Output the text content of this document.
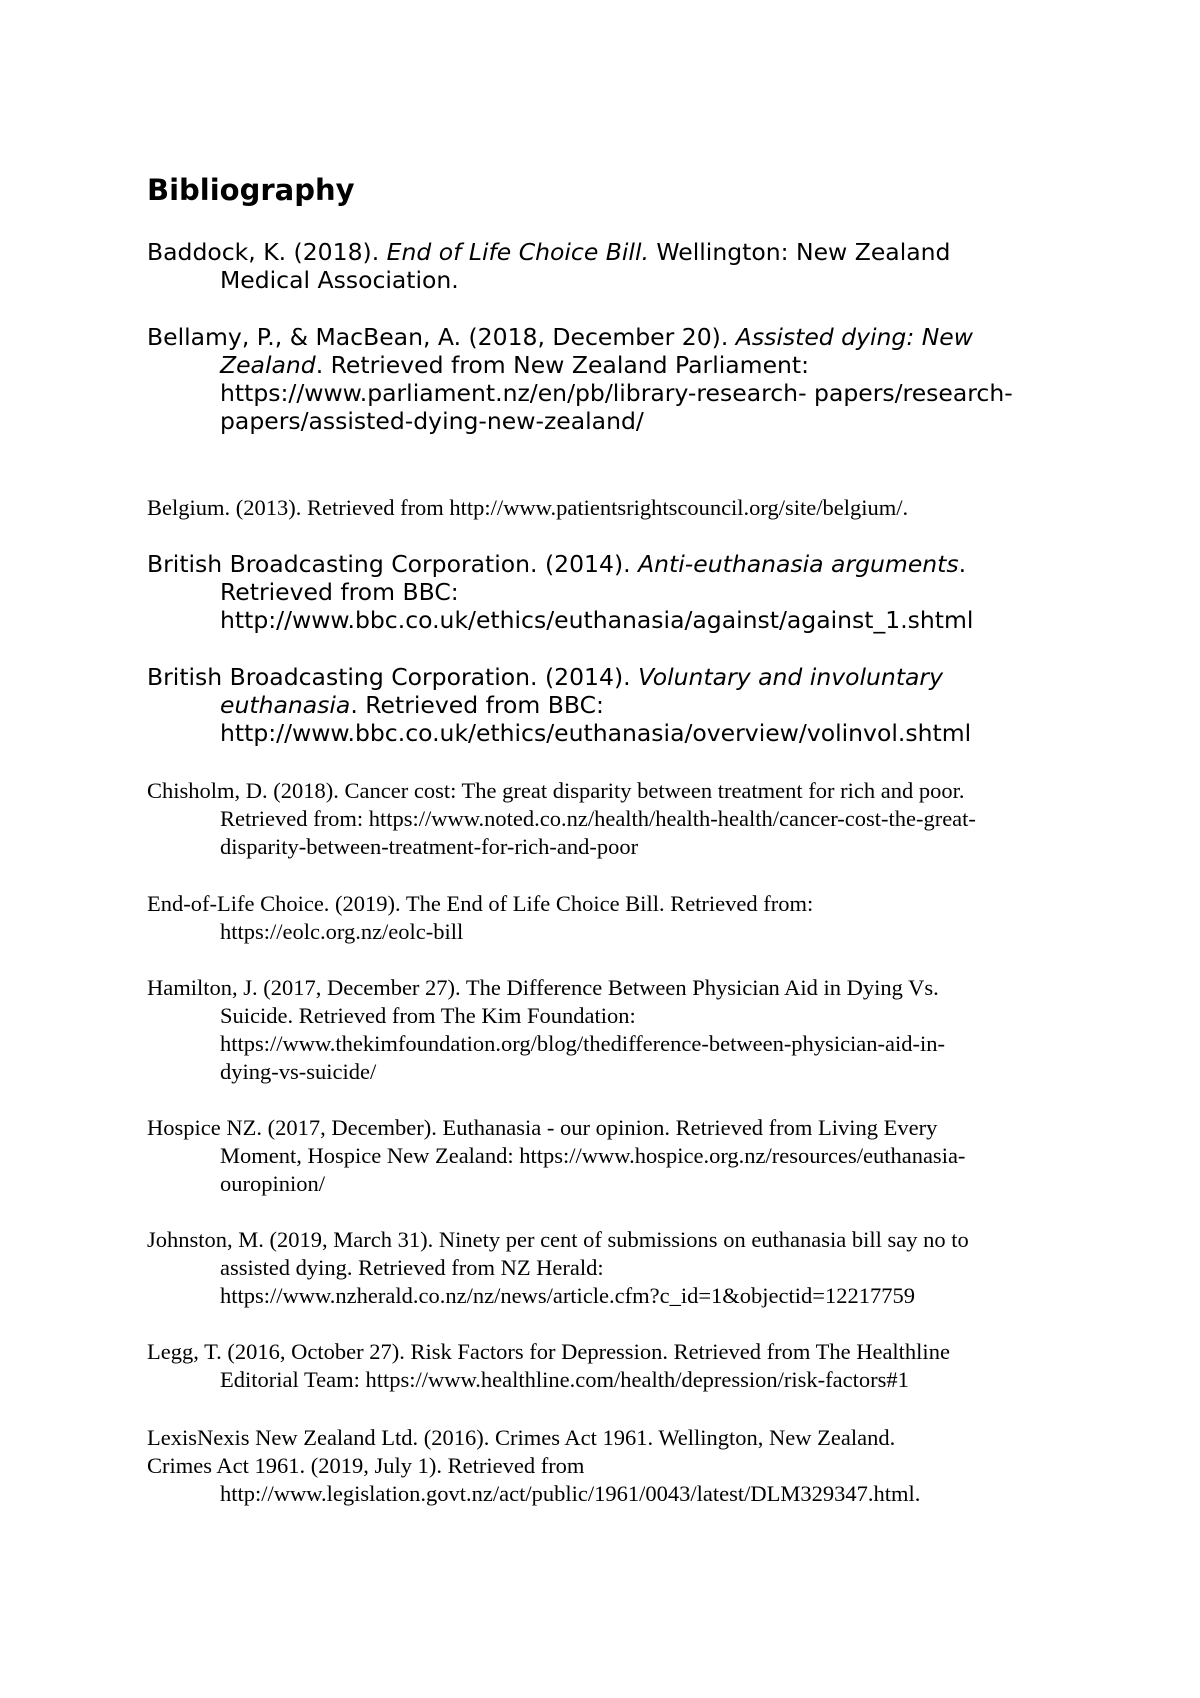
Bibliography
Baddock, K. (2018). End of Life Choice Bill. Wellington: New Zealand
Medical Association.
Bellamy, P., & MacBean, A. (2018, December 20). Assisted dying: New
Zealand. Retrieved from New Zealand Parliament:
https://www.parliament.nz/en/pb/library-research- papers/research-
papers/assisted-dying-new-zealand/
Belgium. (2013). Retrieved from http://www.patientsrightscouncil.org/site/belgium/.
British Broadcasting Corporation. (2014). Anti-euthanasia arguments.
Retrieved from BBC:
http://www.bbc.co.uk/ethics/euthanasia/against/against_1.shtml
British Broadcasting Corporation. (2014). Voluntary and involuntary
euthanasia. Retrieved from BBC:
http://www.bbc.co.uk/ethics/euthanasia/overview/volinvol.shtml
Chisholm, D. (2018). Cancer cost: The great disparity between treatment for rich and poor.
Retrieved from: https://www.noted.co.nz/health/health-health/cancer-cost-the-great-
disparity-between-treatment-for-rich-and-poor
End-of-Life Choice. (2019). The End of Life Choice Bill. Retrieved from:
https://eolc.org.nz/eolc-bill
Hamilton, J. (2017, December 27). The Difference Between Physician Aid in Dying Vs.
Suicide. Retrieved from The Kim Foundation:
https://www.thekimfoundation.org/blog/thedifference-between-physician-aid-in-
dying-vs-suicide/
Hospice NZ. (2017, December). Euthanasia - our opinion. Retrieved from Living Every
Moment, Hospice New Zealand: https://www.hospice.org.nz/resources/euthanasia-
ouropinion/
Johnston, M. (2019, March 31). Ninety per cent of submissions on euthanasia bill say no to
assisted dying. Retrieved from NZ Herald:
https://www.nzherald.co.nz/nz/news/article.cfm?c_id=1&objectid=12217759
Legg, T. (2016, October 27). Risk Factors for Depression. Retrieved from The Healthline
Editorial Team: https://www.healthline.com/health/depression/risk-factors#1
LexisNexis New Zealand Ltd. (2016). Crimes Act 1961. Wellington, New Zealand.
Crimes Act 1961. (2019, July 1). Retrieved from
http://www.legislation.govt.nz/act/public/1961/0043/latest/DLM329347.html.
